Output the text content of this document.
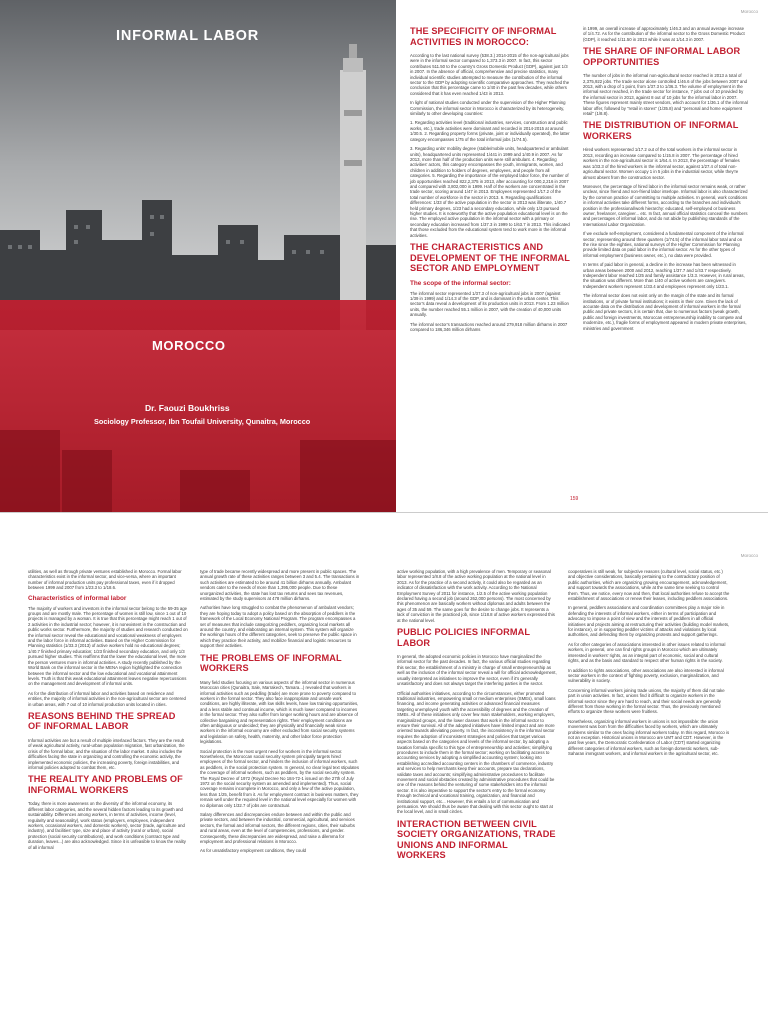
INFORMAL LABOR
MOROCCO
Dr. Faouzi Boukhriss
Sociology Professor, Ibn Toufail University, Qunaitra, Morocco
Morocco
THE SPECIFICITY OF INFORMAL ACTIVITIES IN MOROCCO:

According to the last national survey (538.3.) 2014-2015 of the non-agricultural jobs were in the informal sector compared to 1,373.3 in 2007. In fact, this sector contributes 511.50 to the country's Gross Domestic Product (GDP), against just 1/3 in 2007. In the absence of official, comprehensive and precise statistics, many individual scientific studies attempted to measure the contribution of the informal sector to the GDP by adopting scientific comparative approaches. They reached the conclusion that this percentage came to 1/40 in the past few decades, while others considered that it has even reached 1/43 in 2013.

In light of national studies conducted under the supervision of the Higher Planning Commission, the informal sector in Morocco is characterized by its heterogeneity, similarly to other developing countries:

1. Regarding activities level (traditional industries, services, construction and public works, etc.), trade activities were dominant and recorded in 2014-2015 at around 1/30.5. 2. Regarding property forms (private, joint or individually operated), the latter category encompasses 1/75 of the total informal jobs (1/74.5).

3. Regarding units' mobility degree (stable/mobile units, headquartered or ambulant units), headquartered units represented 1/441 in 1999 and 1/40.9 in 2007. As for 2013, more than half of the production units were still ambulant. 4. Regarding activities' actors, this category encompasses the youth, immigrants, women, and children in addition to holders of degrees, employees, and people from all categories. 5. Regarding the importance of the employed labor force, the number of job opportunities reached 822,2,375 in 2013, after accounting for 000,2,216 in 2007 and compared with 3,802,000 in 1999. Half of the workers are concentrated in the trade sector, scoring around 1/47 in 2013. Employees represented 1/17.2 of the total number of workforce in the sector in 2013. 6. Regarding qualifications differences: 1/33 of the active population in the sector in 2013 was illiterate, 1/40.7 held primary degrees, 1/23 had a secondary education, while only 1/3 pursued higher studies. It is noteworthy that the active population educational level is on the rise. The employed active population in the informal sector with a primary or secondary education increased from 1/37.3 in 1999 to 1/63.7 in 2013. This indicated that those excluded from the educational system tend to work more in the informal activities.

THE CHARACTERISTICS AND DEVELOPMENT OF THE INFORMAL SECTOR AND EMPLOYMENT
The scope of the informal sector:

The informal sector represented 1/37.3 of non-agricultural jobs in 2007 (against 1/39 in 1999) and 1/14.3 of the GDP, and is dominant in the urban center. This sector's data reveal a development of its production units in 2013. From 1.23 million units, the number reached 55.1 million in 2007, with the creation of 40,000 units annually.

The informal sector's transactions reached around 279,918 million dirhams in 2007 compared to 186,346 million dirhams

in 1999, an overall increase of approximately 1/46.3 and an annual average increase of 1/4.72. As for the contribution of the informal sector to the Gross Domestic Product (GDP), it reached 1/11.50 in 2013 while it was at 1/14.3 in 2007.

THE SHARE OF INFORMAL LABOR OPPORTUNITIES

The number of jobs in the informal non-agricultural sector reached in 2013 a total of 2,375,922 jobs. The trade sector alone controlled 1/46.6 of the jobs between 2007 and 2013, with a drop of 1 point, from 1/37.3 to 1/36.3. The volume of employment in the informal sector reached, in the trade sector for instance, 7 jobs out of 10 provided by the informal sector in 2013, against 8 out of 10 jobs for the informal labor in 2007. These figures represent mainly street vendors, which account for 1/36.1 of the informal labor offer, followed by "retail in stores" (1/35.8) and "personal and home equipment retail" (1/8.8).

THE DISTRIBUTION OF INFORMAL WORKERS

Hired workers represented 1/17.2 out of the total workers in the informal sector in 2013, recording an increase compared to 1/15.8 in 2007. The percentage of hired workers in the non-agricultural sector is 1/64.4. In 2013, the percentage of females was 1/33.3 of the hired workers in the informal sector, against 1/27.4 of total non-agricultural sector. Women occupy 1 in 5 jobs in the industrial sector, while they're almost absent from the construction sector.

Moreover, the percentage of hired labor in the informal sector remains weak, or rather unclear, since friend and non-friend labor interlope. Informal labor is also characterized by the common practice of committing to multiple activities. In general, work conditions in informal activities take different forms, according to the branches and individual's position in the professional/work hierarchy: educated, self-employed or business owner, freelancer, caregiver... etc. In fact, annual official statistics conceal the numbers and percentages of informal labor, and do not abide by publishing standards of the International Labor Organization.

If we exclude self-employment, considered a fundamental component of the informal sector, representing around three quarters (1/74.5) of the informal labor total and on the rise since the eighties, national surveys of the Higher Commission for Planning provide limited data on paid labor in the informal sector. As for the other types of informal employment (business owner, etc.), no data were provided.

In terms of paid labor in general, a decline in the increase has been witnessed in urban areas between 2000 and 2012, reaching 1/37.7 and 1/43.7 respectively. Independent labor reached 1/25 and family assistance 1/3.3. However, in rural areas, the situation was different. More than 1/40 of active workers are caregivers. Independent workers represent 1/33.4 and employees represent only 1/23.1.

The informal sector does not exist only on the margin of the state and its formal institutions, or of private formal institutions; it exists in their core. Given the lack of accurate data on the distribution and development of informal workers in the formal public and private sectors, it is certain that, due to numerous factors (weak growth, public and foreign investments, Moroccan entrepreneurship inability to compete and modernize, etc.), fragile forms of employment appeared in modern private enterprises, ministries and government

159
Morocco

utilities, as well as through private ventures established in Morocco. Formal labor characteristics exist in the informal sector, and vice-versa, where an important number of informal production units pay professional taxes, even if it dropped between 1999 and 2007 from 1/23.3 to 1/18.6.

Characteristics of informal labor

The majority of workers and investors in the informal sector belong to the 59-35 age groups and are mostly male. The percentage of women is still low, since 1 out of 10 projects is managed by a woman. It is true that this percentage might reach 1 out of 2 activities in the industrial sector; however, it is nonexistent in the construction and public works sector. Furthermore, the majority of studies and research conducted on the informal sector reveal the educational and vocational weakness of employers and the labor force in informal activities. Based on the Higher Commission for Planning statistics (1/33.3 (2013) of active workers hold no educational degrees; 1/40.7 finished primary education; 1/23 finished secondary education, and only 1/3 pursued higher studies. This reaffirms that the lower the educational level, the more the person ventures more in informal activities. A study recently published by the World Bank on the informal sector in the MENA region highlighted the connection between the informal sector and the low educational and vocational attainment levels. Truth is that this weak educational attainment leaves negative repercussions on the management and development of informal units.

As for the distribution of informal labor and activities based on residence and entities, the majority of informal activities in the non-agricultural sector are centered in urban areas, with 7 out of 10 informal production units located in cities.

REASONS BEHIND THE SPREAD OF INFORMAL LABOR

Informal activities are but a result of multiple interlaced factors. They are the result of weak agricultural activity, rural-urban population migration, fast urbanization, the crisis of the formal labor, and the situation of the labor market. It also includes the difficulties facing the state in organizing and controlling the economic activity, the implemented economic policies, the increasing poverty, foreign instabilities, and informal policies adopted to combat them, etc.

THE REALITY AND PROBLEMS OF INFORMAL WORKERS

Today, there is more awareness on the diversity of the informal economy, its different labor categories, and the several hidden factors leading to its growth and sustainability. Differences among workers, in terms of activities, income (level, regularity and seasonality), work status (employers, employees, independent workers, occasional workers, and domestic workers), sector (trade, agriculture and industry), and facilities' type, size and place of activity (rural or urban), social protection (social security contributions), and work conditions (contract type and duration, leaves...) are also acknowledged. Since it is unfeasible to know the reality of all informal

type of trade became recently widespread and more present in public spaces. The annual growth rate of these activities ranges between 3 and 5.4. The transactions in such activities are estimated to be around 41 billion dirhams annually. Ambulant vendors cater to the needs of more than 1,395,000 people. Due to these unorganized activities, the state has lost tax returns and sees tax revenues, estimated by the study supervisors at 478 million dirhams.

Authorities have long struggled to combat the phenomenon of ambulant vendors; they are hoping today to adopt a policy based on the absorption of peddlers in the framework of the Local Economy National Program. The program encompasses a set of measures that include categorizing peddlers, organizing local markets all around the country, and elaborating an internal system. This system will organize the workings hours of the different categories, seek to preserve the public space in which they practice their activity, and mobilize financial and logistic resources to support their activities.

THE PROBLEMS OF INFORMAL WORKERS

Many field studies focusing on various aspects of the informal sector in numerous Moroccan cities (Qunaitra, Sale, Marrakech, Tamara...) revealed that workers in informal activities such as peddling (trade) are more prone to poverty compared to workers in the formal sector. They also face inappropriate and unsafe work conditions, are highly illiterate, with low skills levels, have low training opportunities, and a less stable and continual income, which is much lower compared to incomes in the formal sector. They also suffer from longer working hours and are absence of collective bargaining and representation rights. Their employment conditions are often ambiguous or undecided; they are physically and financially weak since workers in the informal economy are either excluded from social security systems and legislation on safety, health, maternity, and other labor force protection legislations.

Social protection is the most urgent need for workers in the informal sector. Nonetheless, the Moroccan social security system principally targets hired employees of the formal sector, and hinders the inclusion of informal workers, such as peddlers, in the social protection system. In general, no clear legal text stipulates the coverage of informal workers, such as peddlers, by the social security system. The Royal Decree of 1972 (Royal Decree No 184-72-1 issued on the 27th of July 1972 on the social security system as amended and implemented). Thus, social coverage remains incomplete in Morocco, and only a few of the active population, less than 1/25, benefit from it. As for employment contract in business matters, they remain well under the required level in the national level especially for women with no diplomas only 1/32.7 of jobs are contractual.

Salary differences and discrepancies endure between and within the public and private sectors, and between the industrial, commercial, agricultural, and services sectors, the formal and informal sectors, the different regions, cities, their suburbs and rural areas, even at the level of competencies, professions, and gender. Consequently, these discrepancies are widespread, and raise a dilemma for employment and professional relations in Morocco.

As for unsatisfactory employment conditions, they could

active working population, with a high prevalence of men. Temporary or seasonal labor represented 1/8.8 of the active working population at the national level in 2013. As for the practice of a second activity, it could also be regarded as an indicator of dissatisfaction with the work activity. According to the National Employment Survey of 2011 for instance, 1/2.5 of the active working population declared having a second job (around 262,000 persons). The most concerned by this phenomenon are basically workers without diplomas and adults between the ages of 35 and 59. The same goes for the desire to change jobs. It represents a lack of conviction in the practiced job, since 1/18.8 of active workers expressed this at the national level.

PUBLIC POLICIES INFORMAL LABOR

In general, the adopted economic policies in Morocco have marginalized the informal sector for the past decades. In fact, the various official studies regarding this sector, the establishment of a ministry in charge of small entrepreneurship as well as the inclusion of the informal sector reveal a will for official acknowledgement, usually interpreted as initiatives to improve the sector, even if it's generally unsatisfactory and does not always target the interfering parties in the sector.

Official authorities initiatives, according to the circumstances, either promoted traditional industries, empowering small or medium enterprises (SMEs), small loans financing, and income generating activities or advanced financial measures targeting unemployed youth with the accessibility of degrees and the creation of SMEs. All of these initiatives only cover few main stakeholders, working employers, marginalized groups, and the lower classes that work in the informal sector to ensure their survival. All of the adopted initiatives have limited impact and are more oriented towards alleviating poverty. In fact, the inconsistency in the informal sector requires the adoption of inconsistent strategies and policies that target various aspects based on the categories and levels of the informal sector, by adopting a taxation formula specific to this type of entrepreneurship and activities; simplifying procedures to include them in the formal sector; working on facilitating access to accounting services by adopting a simplified accounting system; looking into establishing accredited accounting centers in the chambers of commerce, industry and services to help merchants keep their accounts, prepare tax declarations, validate taxes and accounts; simplifying administrative procedures to facilitate movement and social obstacles created by administrative procedures that could be one of the reasons behind the venturing of some stakeholders into the informal sector. It is also imperative to support the sector's entry to the formal economy through technical and vocational training, organization, and financial and institutional support, etc... However, this entails a lot of communication and persuasion. We should thus be aware that dealing with this sector ought to start at the local level, and in small circles.

INTERACTION BETWEEN CIVIL SOCIETY ORGANIZATIONS, TRADE UNIONS AND INFORMAL WORKERS

cooperatives is still weak, for subjective reasons (cultural level, social status, etc.) and objective considerations, basically pertaining to the contradictory position of public authorities, which are organizing growing encouragement, acknowledgement, and support towards the associations, while at the same time seeking to control them. Thus, we notice, every now and then, that local authorities refuse to accept the establishment of associations or renew their leases, including peddlers associations.

In general, peddlers associations and coordination committees play a major role in defending the interests of informal workers, either in terms of participation and advocacy to impose a point of view and the interests of peddlers in all official initiatives and projects aiming at restructuring their activities (building model markets, for instance), or in supporting peddler victims of attacks and violations by local authorities, and defending them by organizing protests and support gatherings.

As for other categories of associations interested in other issues related to informal workers, in general, one can find rights groups in Morocco which are ultimately interested in workers' rights, as an integral part of economic, social and cultural rights, and as the basis and standard to respect other human rights in the society.

In addition to rights associations, other associations are also interested in informal sector workers in the context of fighting poverty, exclusion, marginalization, and vulnerability in society.

Concerning informal workers joining trade unions, the majority of them did not take part in union activities. In fact, unions find it difficult to organize workers in the informal sector since they are hard to reach, and their social needs are generally different from those working in the formal sector. Thus, the previously mentioned efforts to organize these workers were fruitless.

Nonetheless, organizing informal workers in unions is not impossible: the union movement was born from the difficulties faced by workers, which are ultimately problems similar to the ones facing informal workers today. In this regard, Morocco is not an exception. Historical unions in Morocco are UMT and CDT. However, in the past few years, the Democratic Confederation of Labor (CDT) started organizing different categories of informal workers, such as foreign domestic workers, sub-Saharan immigrant workers, and informal workers in the agricultural sector, etc.
